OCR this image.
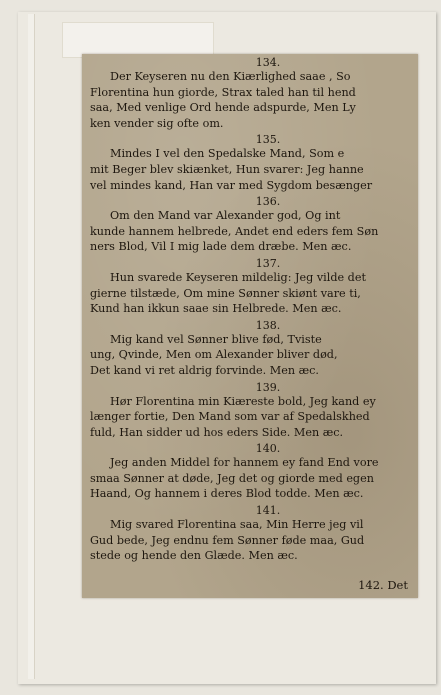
134.
Der Keyseren nu den Kiærlighed saae , So
Florentina hun giorde, Strax taled han til hend
saa, Med venlige Ord hende adspurde, Men Ly
ken vender sig ofte om.
135.
Mindes I vel den Spedalske Mand, Som e
mit Beger blev skiænket, Hun svarer: Jeg hanne
vel mindes kand, Han var med Sygdom besænger
136.
Om den Mand var Alexander god, Og int
kunde hannem helbrede, Andet end eders fem Søn
ners Blod, Vil I mig lade dem dræbe. Men æc.
137.
Hun svarede Keyseren mildelig: Jeg vilde det
gierne tilstæde, Om mine Sønner skiønt vare ti,
Kund han ikkun saae sin Helbrede. Men æc.
138.
Mig kand vel Sønner blive fød, Tviste
ung, Qvinde, Men om Alexander bliver død,
Det kand vi ret aldrig forvinde. Men æc.
139.
Hør Florentina min Kiæreste bold, Jeg kand ey
længer fortie, Den Mand som var af Spedalskhed
fuld, Han sidder ud hos eders Side. Men æc.
140.
Jeg anden Middel for hannem ey fand End vore
smaa Sønner at døde, Jeg det og giorde med egen
Haand, Og hannem i deres Blod todde. Men æc.
141.
Mig svared Florentina saa, Min Herre jeg vil
Gud bede, Jeg endnu fem Sønner føde maa, Gud
stede og hende den Glæde. Men æc.
142. Det
